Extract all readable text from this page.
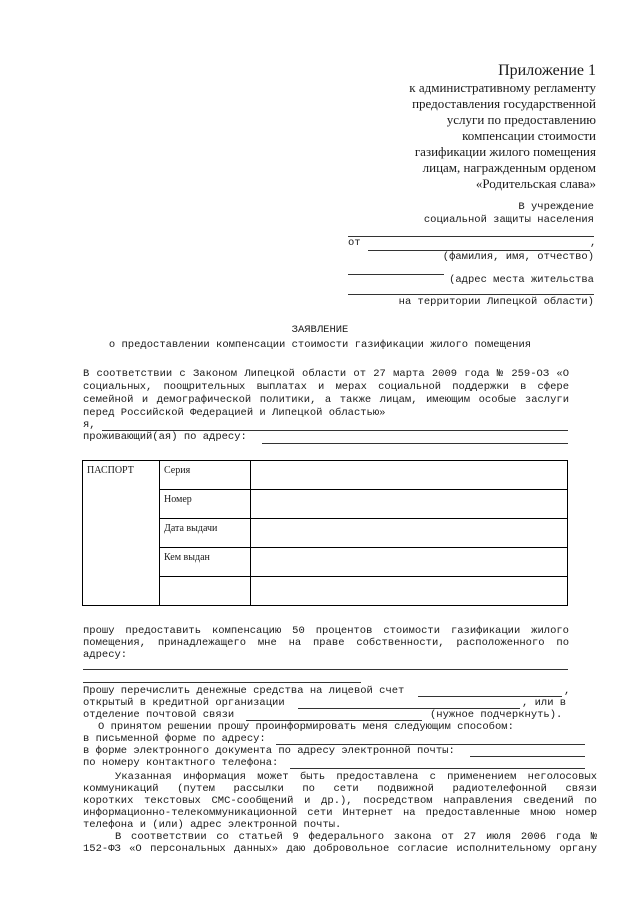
Приложение 1
к административному регламенту
предоставления государственной
услуги по предоставлению
компенсации стоимости
газификации жилого помещения
лицам, награжденным орденом
«Родительская слава»
В учреждение
социальной защиты населения
от	,
(фамилия, имя, отчество)
(адрес места жительства
на территории Липецкой области)
ЗАЯВЛЕНИЕ
о предоставлении компенсации стоимости газификации жилого помещения
В соответствии с Законом Липецкой области от 27 марта 2009 года № 259-ОЗ «О
социальных, поощрительных выплатах и мерах социальной поддержки в сфере
семейной и демографической политики, а также лицам, имеющим особые заслуги
перед Российской Федерацией и Липецкой областью»
я,
проживающий(ая) по адресу:
ПАСПОРТ	Серия	
	Номер	
	Дата выдачи	
	Кем выдан	

прошу предоставить компенсацию 50 процентов стоимости газификации жилого
помещения, принадлежащего мне на праве собственности, расположенного по
адресу:
Прошу перечислить денежные средства на лицевой счет	,
открытый в кредитной организации	, или в
отделение почтовой связи	(нужное подчеркнуть).
О принятом решении прошу проинформировать меня следующим способом:
в письменной форме по адресу:
в форме электронного документа по адресу электронной почты:
по номеру контактного телефона:
Указанная информация может быть предоставлена с применением неголосовых
коммуникаций (путем рассылки по сети подвижной радиотелефонной связи
коротких текстовых СМС-сообщений и др.), посредством направления сведений по
информационно-телекоммуникационной сети Интернет на предоставленные мною номер
телефона и (или) адрес электронной почты.
В соответствии со статьей 9 федерального закона от 27 июля 2006 года №
152-ФЗ «О персональных данных» даю добровольное согласие исполнительному органу
